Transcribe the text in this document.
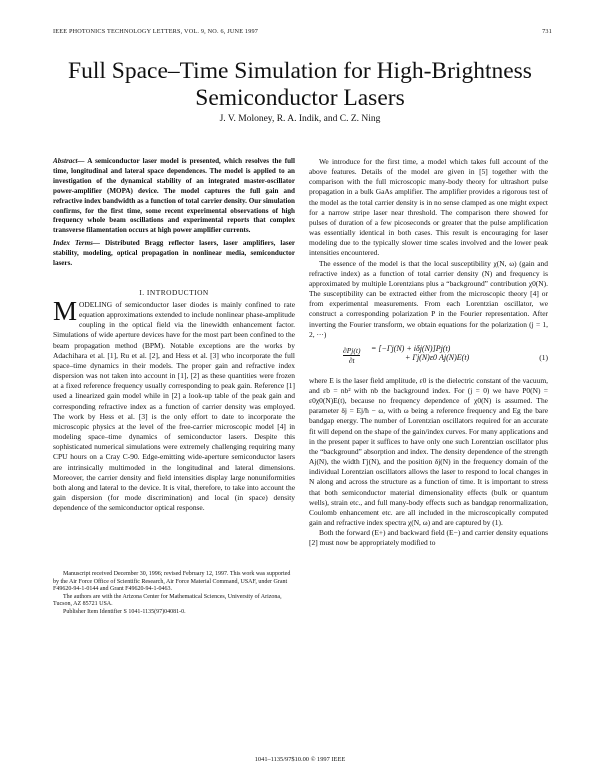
IEEE PHOTONICS TECHNOLOGY LETTERS, VOL. 9, NO. 6, JUNE 1997	731
Full Space–Time Simulation for High-Brightness
Semiconductor Lasers
J. V. Moloney, R. A. Indik, and C. Z. Ning

Abstract— A semiconductor laser model is presented, which resolves the full time, longitudinal and lateral space dependences. The model is applied to an investigation of the dynamical stability of an integrated master-oscillator power-amplifier (MOPA) device. The model captures the full gain and refractive index bandwidth as a function of total carrier density. Our simulation confirms, for the first time, some recent experimental observations of high frequency whole beam oscillations and experimental reports that complex transverse filamentation occurs at high power amplifier currents.

Index Terms— Distributed Bragg reflector lasers, laser amplifiers, laser stability, modeling, optical propagation in nonlinear media, semiconductor lasers.

I. INTRODUCTION

MODELING of semiconductor laser diodes is mainly confined to rate equation approximations extended to include nonlinear phase-amplitude coupling in the optical field via the linewidth enhancement factor. Simulations of wide aperture devices have for the most part been confined to the beam propagation method (BPM). Notable exceptions are the works by Adachihara et al. [1], Ru et al. [2], and Hess et al. [3] who incorporate the full space–time dynamics in their models. The proper gain and refractive index dispersion was not taken into account in [1], [2] as these quantities were frozen at a fixed reference frequency usually corresponding to peak gain. Reference [1] used a linearized gain model while in [2] a look-up table of the peak gain and corresponding refractive index as a function of carrier density was employed. The work by Hess et al. [3] is the only effort to date to incorporate the microscopic physics at the level of the free-carrier microscopic model [4] in modeling space–time dynamics of semiconductor lasers. Despite this sophisticated numerical simulations were extremely challenging requiring many CPU hours on a Cray C-90. Edge-emitting wide-aperture semiconductor lasers are intrinsically multimoded in the longitudinal and lateral dimensions. Moreover, the carrier density and field intensities display large nonuniformities both along and lateral to the device. It is vital, therefore, to take into account the gain dispersion (for mode discrimination) and local (in space) density dependence of the semiconductor optical response.

Manuscript received December 30, 1996; revised February 12, 1997. This work was supported by the Air Force Office of Scientific Research, Air Force Material Command, USAF, under Grant F49620-94-1-0144 and Grant F49620-94-1-0463.

The authors are with the Arizona Center for Mathematical Sciences, University of Arizona, Tucson, AZ 85721 USA.

Publisher Item Identifier S 1041-1135(97)04081-0.

We introduce for the first time, a model which takes full account of the above features. Details of the model are given in [5] together with the comparison with the full microscopic many-body theory for ultrashort pulse propagation in a bulk GaAs amplifier. The amplifier provides a rigorous test of the model as the total carrier density is in no sense clamped as one might expect for a narrow stripe laser near threshold. The comparison there showed for pulses of duration of a few picoseconds or greater that the pulse amplification was essentially identical in both cases. This result is encouraging for laser modeling due to the typically slower time scales involved and the lower peak intensities encountered.

The essence of the model is that the local susceptibility χ(N, ω) (gain and refractive index) as a function of total carrier density (N) and frequency is approximated by multiple Lorentzians plus a “background” contribution χ0(N). The susceptibility can be extracted either from the microscopic theory [4] or from experimental measurements. From each Lorentzian oscillator, we construct a corresponding polarization P in the Fourier representation. After inverting the Fourier transform, we obtain equations for the polarization (j = 1, 2, ···)

$\frac{\partial Pj(t)}{\partial t} = [-\Gamma j(N) + i\delta j(N)]Pj(t)$
+ Γj(N)ε0 Aj(N)E(t)	(1)

where E is the laser field amplitude, ε0 is the dielectric constant of the vacuum, and εb = nb² with nb the background index. For (j = 0) we have P0(N) = ε0χ0(N)E(t), because no frequency dependence of χ0(N) is assumed. The parameter δj = Ej/ħ − ω, with ω being a reference frequency and Eg the bare bandgap energy. The number of Lorentzian oscillators required for an accurate fit will depend on the shape of the gain/index curves. For many applications and in the present paper it suffices to have only one such Lorentzian oscillator plus the “background” absorption and index. The density dependence of the strength Aj(N), the width Γj(N), and the position δj(N) in the frequency domain of the individual Lorentzian oscillators allows the laser to respond to local changes in N along and across the structure as a function of time. It is important to stress that both semiconductor material dimensionality effects (bulk or quantum wells), strain etc., and full many-body effects such as bandgap renormalization, Coulomb enhancement etc. are all included in the microscopically computed gain and refractive index spectra χ(N, ω) and are captured by (1).

Both the forward (E+) and backward field (E−) and carrier density equations [2] must now be appropriately modified to

1041–1135/97$10.00 © 1997 IEEE
